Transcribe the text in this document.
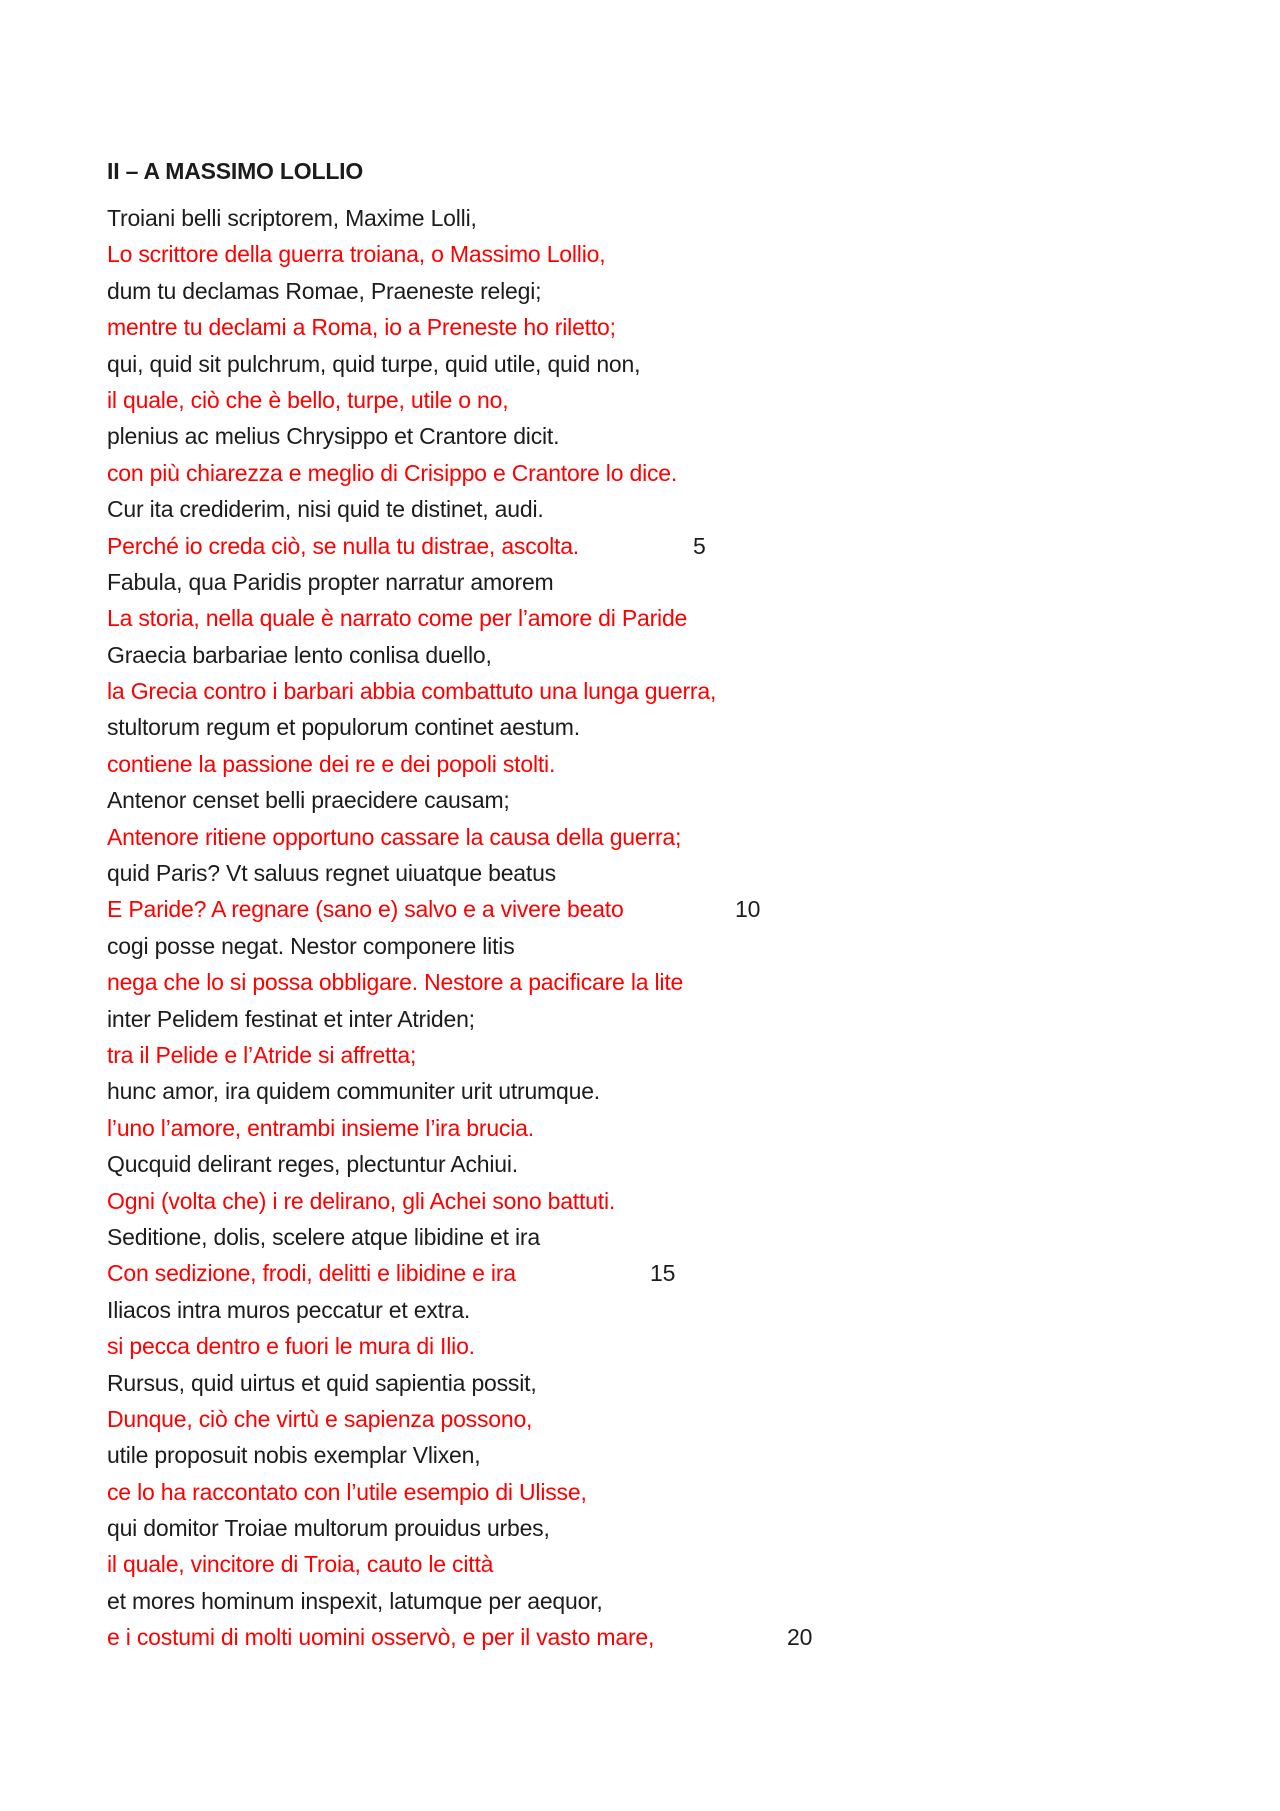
II – A MASSIMO LOLLIO
Troiani belli scriptorem, Maxime Lolli,
Lo scrittore della guerra troiana, o Massimo Lollio,
dum tu declamas Romae, Praeneste relegi;
mentre tu declami a Roma, io a Preneste ho riletto;
qui, quid sit pulchrum, quid turpe, quid utile, quid non,
il quale, ciò che è bello, turpe, utile o no,
plenius ac melius Chrysippo et Crantore dicit.
con più chiarezza e meglio di Crisippo e Crantore lo dice.
Cur ita crediderim, nisi quid te distinet, audi.
Perché io creda ciò, se nulla tu distrae, ascolta.	5
Fabula, qua Paridis propter narratur amorem
La storia, nella quale è narrato come per l’amore di Paride
Graecia barbariae lento conlisa duello,
la Grecia contro i barbari abbia combattuto una lunga guerra,
stultorum regum et populorum continet aestum.
contiene la passione dei re e dei popoli stolti.
Antenor censet belli praecidere causam;
Antenore ritiene opportuno cassare la causa della guerra;
quid Paris? Vt saluus regnet uiuatque beatus
E Paride? A regnare (sano e) salvo e a vivere beato	10
cogi posse negat. Nestor componere litis
nega che lo si possa obbligare. Nestore a pacificare la lite
inter Pelidem festinat et inter Atriden;
tra il Pelide e l’Atride si affretta;
hunc amor, ira quidem communiter urit utrumque.
l’uno l’amore, entrambi insieme l’ira brucia.
Qucquid delirant reges, plectuntur Achiui.
Ogni (volta che) i re delirano, gli Achei sono battuti.
Seditione, dolis, scelere atque libidine et ira
Con sedizione, frodi, delitti e libidine e ira	15
Iliacos intra muros peccatur et extra.
si pecca dentro e fuori le mura di Ilio.
Rursus, quid uirtus et quid sapientia possit,
Dunque, ciò che virtù e sapienza possono,
utile proposuit nobis exemplar Vlixen,
ce lo ha raccontato con l’utile esempio di Ulisse,
qui domitor Troiae multorum prouidus urbes,
il quale, vincitore di Troia, cauto le città
et mores hominum inspexit, latumque per aequor,
e i costumi di molti uomini osservò, e per il vasto mare,	20
